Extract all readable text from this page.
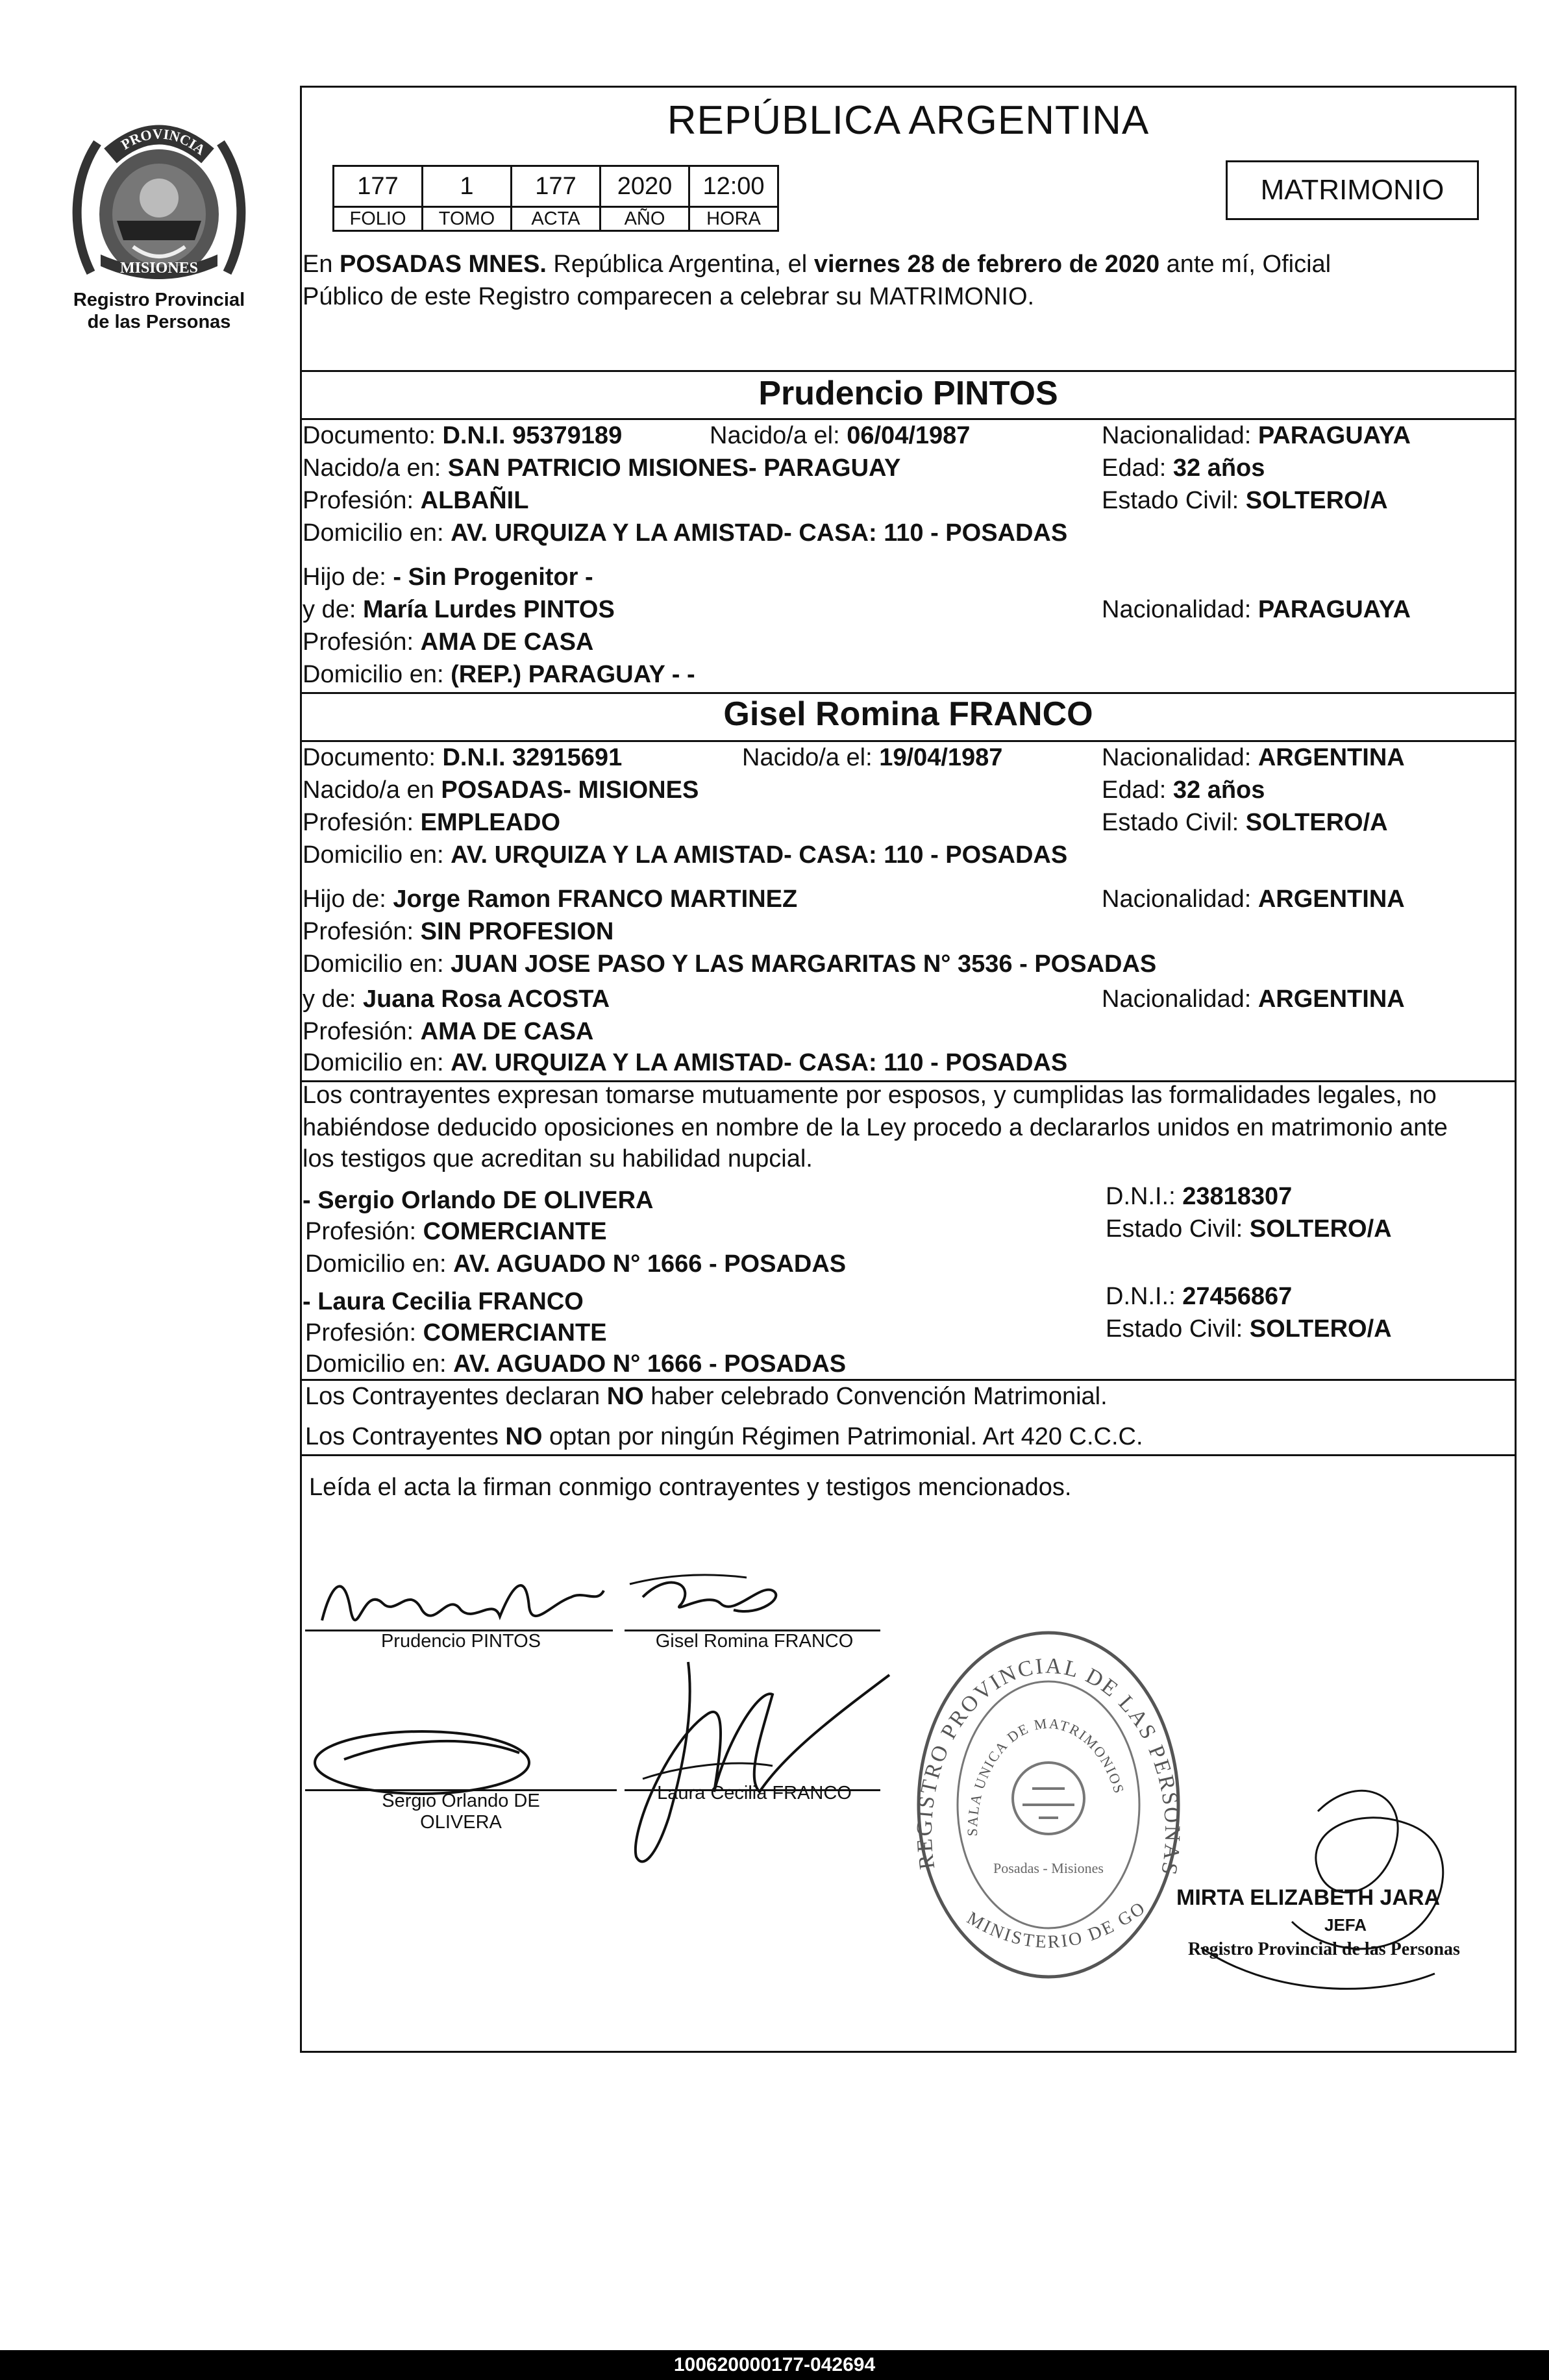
PROVINCIA
MISIONES
Registro Provincial
de las Personas
REPÚBLICA ARGENTINA
177	1	177	2020	12:00
FOLIO	TOMO	ACTA	AÑO	HORA
MATRIMONIO
En POSADAS MNES. República Argentina, el viernes 28 de febrero de 2020 ante mí, Oficial
Público de este Registro comparecen a celebrar su MATRIMONIO.
Prudencio PINTOS
Documento: D.N.I. 95379189	Nacido/a el: 06/04/1987	Nacionalidad: PARAGUAYA
Nacido/a en: SAN PATRICIO MISIONES- PARAGUAY	Edad: 32 años
Profesión: ALBAÑIL	Estado Civil: SOLTERO/A
Domicilio en: AV. URQUIZA Y LA AMISTAD- CASA: 110 - POSADAS
Hijo de: - Sin Progenitor -
y de: María Lurdes PINTOS	Nacionalidad: PARAGUAYA
Profesión: AMA DE CASA
Domicilio en: (REP.) PARAGUAY - -
Gisel Romina FRANCO
Documento: D.N.I. 32915691	Nacido/a el: 19/04/1987	Nacionalidad: ARGENTINA
Nacido/a en POSADAS- MISIONES	Edad: 32 años
Profesión: EMPLEADO	Estado Civil: SOLTERO/A
Domicilio en: AV. URQUIZA Y LA AMISTAD- CASA: 110 - POSADAS
Hijo de: Jorge Ramon FRANCO MARTINEZ	Nacionalidad: ARGENTINA
Profesión: SIN PROFESION
Domicilio en: JUAN JOSE PASO Y LAS MARGARITAS N° 3536 - POSADAS
y de: Juana Rosa ACOSTA	Nacionalidad: ARGENTINA
Profesión: AMA DE CASA
Domicilio en: AV. URQUIZA Y LA AMISTAD- CASA: 110 - POSADAS
Los contrayentes expresan tomarse mutuamente por esposos, y cumplidas las formalidades legales, no
habiéndose deducido oposiciones en nombre de la Ley procedo a declararlos unidos en matrimonio ante
los testigos que acreditan su habilidad nupcial.
- Sergio Orlando DE OLIVERA	D.N.I.: 23818307
Profesión: COMERCIANTE	Estado Civil: SOLTERO/A
Domicilio en: AV. AGUADO N° 1666 - POSADAS
- Laura Cecilia FRANCO	D.N.I.: 27456867
Profesión: COMERCIANTE	Estado Civil: SOLTERO/A
Domicilio en: AV. AGUADO N° 1666 - POSADAS
Los Contrayentes declaran NO haber celebrado Convención Matrimonial.
Los Contrayentes NO optan por ningún Régimen Patrimonial. Art 420 C.C.C.
Leída el acta la firman conmigo contrayentes y testigos mencionados.
Prudencio PINTOS	Gisel Romina FRANCO
Sergio Orlando DE
OLIVERA
Laura Cecilia FRANCO
REGISTRO PROVINCIAL DE LAS PERSONAS
SALA UNICA DE MATRIMONIOS
MINISTERIO DE GO
Posadas - Misiones
MIRTA ELIZABETH JARA
JEFA
Registro Provincial de las Personas
100620000177-042694
